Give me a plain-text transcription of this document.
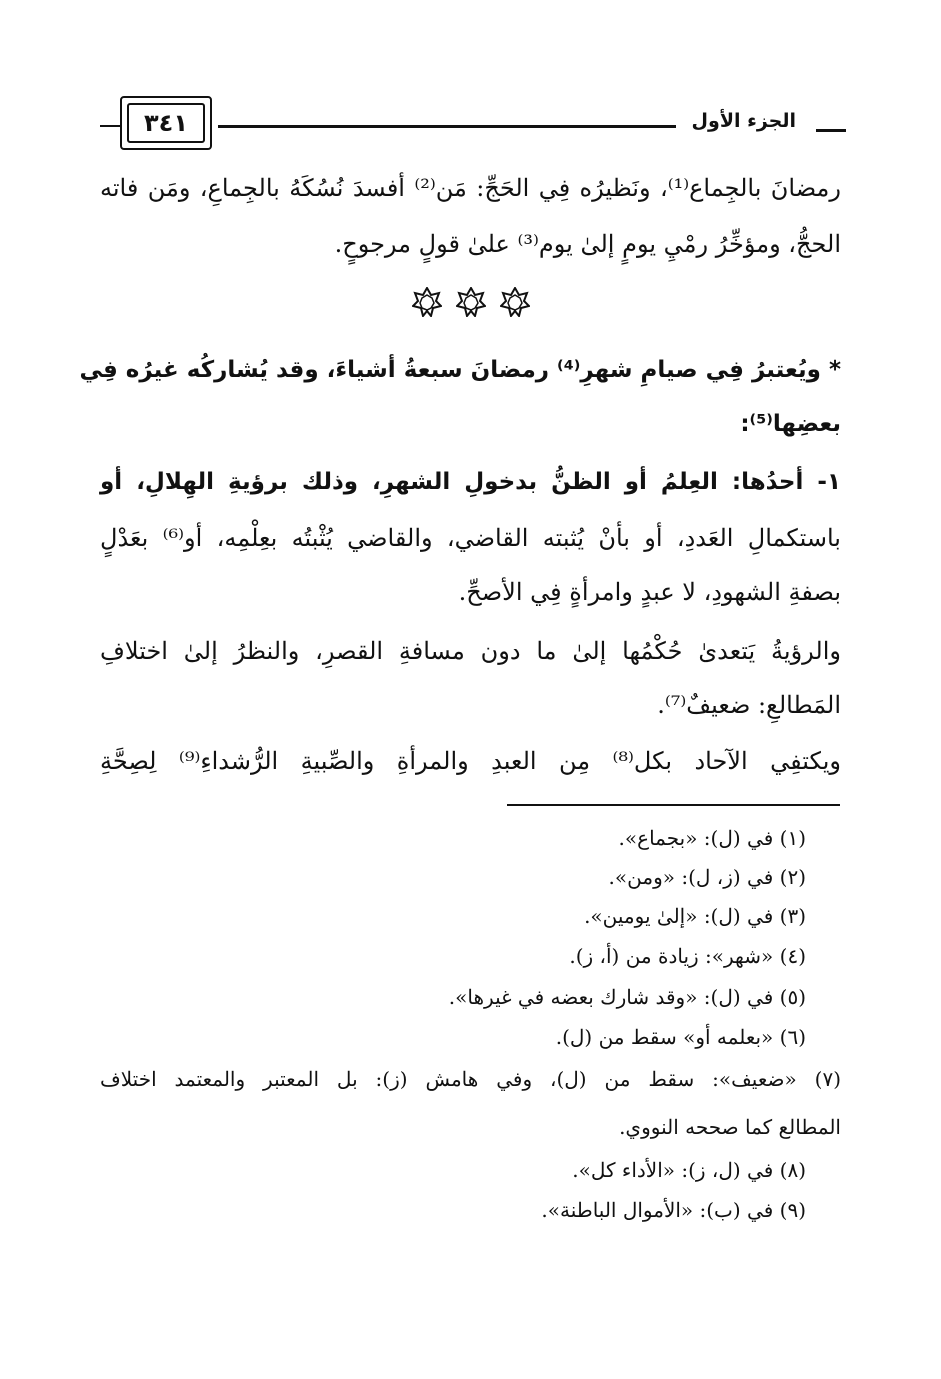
الجزء الأول
٣٤١
رمضانَ بالجِماع⁽¹⁾، ونَظيرُه فِي الحَجِّ: مَن⁽²⁾ أفسدَ نُسُكَهُ بالجِماعِ، ومَن فاته
الحجُّ، ومؤخِّرُ رمْيِ يومٍ إلىٰ يوم⁽³⁾ علىٰ قولٍ مرجوحٍ.
* ويُعتبرُ فِي صيامِ شهرِ⁽⁴⁾ رمضانَ سبعةُ أشياءَ، وقد يُشاركُه غيرُه فِي
بعضِها⁽⁵⁾:
١- أحدُها: العِلمُ أو الظنُّ بدخولِ الشهرِ، وذلك برؤيةِ الهِلالِ، أو
باستكمالِ العَددِ، أو بأنْ يُثبته القاضي، والقاضي يُثْبتُه بعِلْمِه، أو⁽⁶⁾ بعَدْلٍ
بصفةِ الشهودِ، لا عبدٍ وامرأةٍ فِي الأصحِّ.
والرؤيةُ يَتعدىٰ حُكْمُها إلىٰ ما دون مسافةِ القصرِ، والنظرُ إلىٰ اختلافِ
المَطالعِ: ضعيفٌ⁽⁷⁾.
ويكتفِي الآحاد بكل⁽⁸⁾ مِن العبدِ والمرأةِ والصِّبيةِ الرُّشداءِ⁽⁹⁾ لِصِحَّةِ
(١) في (ل): «بجماع».
(٢) في (ز، ل): «ومن».
(٣) في (ل): «إلىٰ يومين».
(٤) «شهر»: زيادة من (أ، ز).
(٥) في (ل): «وقد شارك بعضه في غيرها».
(٦) «بعلمه أو» سقط من (ل).
(٧) «ضعيف»: سقط من (ل)، وفي هامش (ز): بل المعتبر والمعتمد اختلاف
المطالع كما صححه النووي.
(٨) في (ل، ز): «الأداء كل».
(٩) في (ب): «الأموال الباطنة».
